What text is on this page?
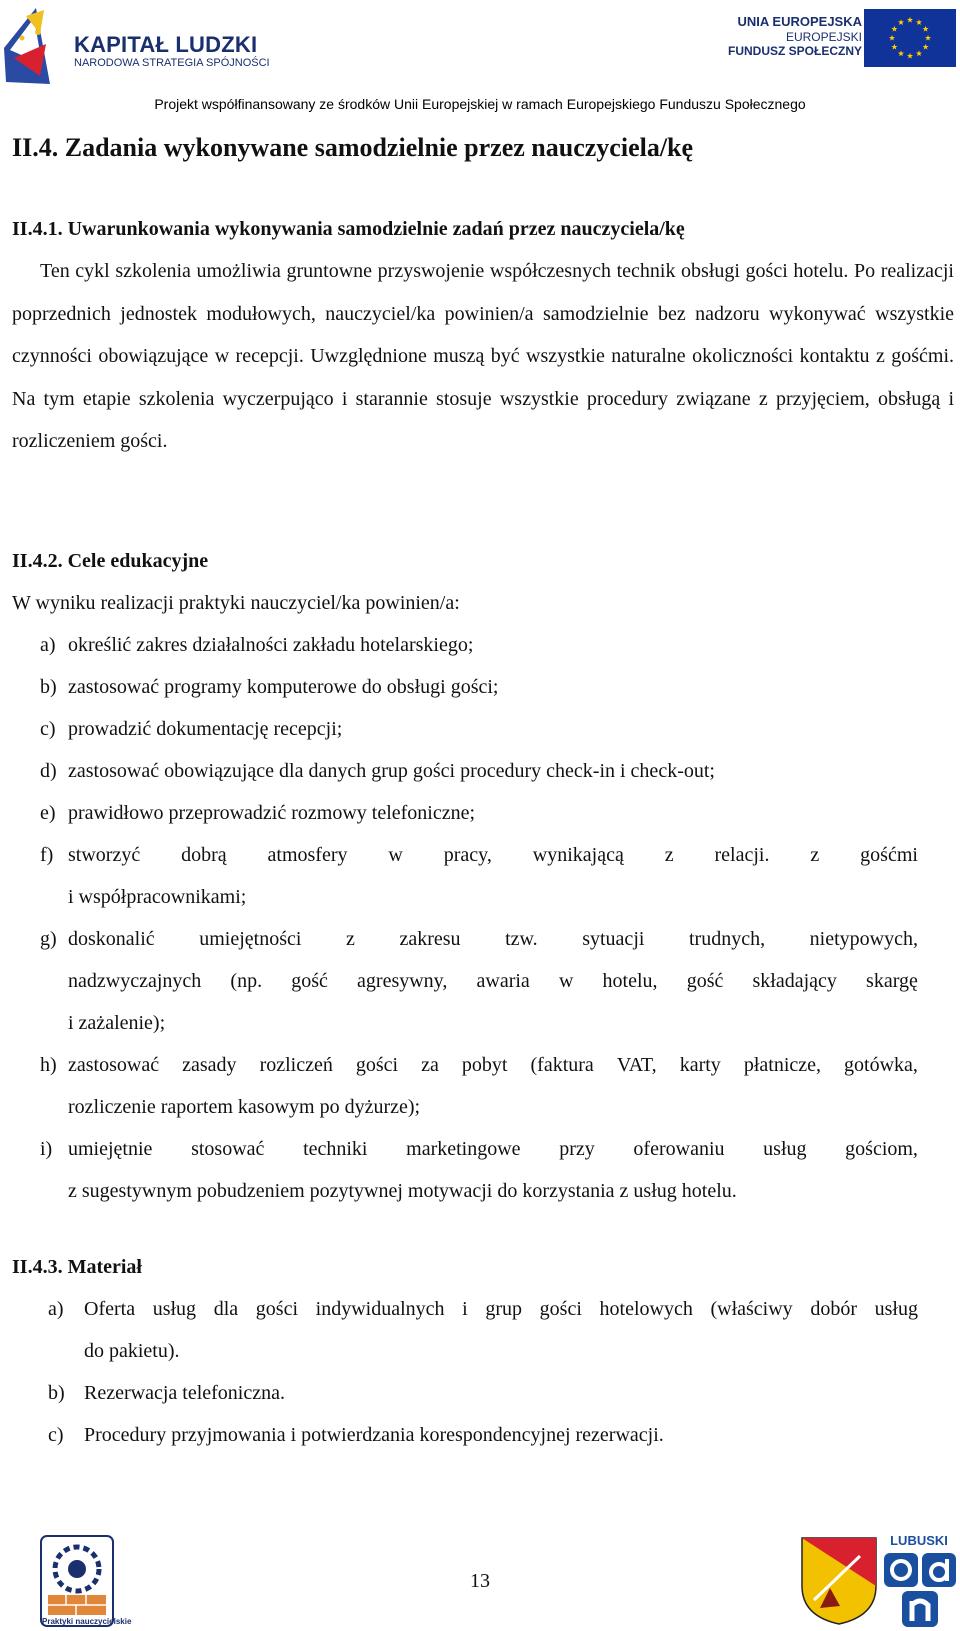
KAPITAŁ LUDZKI
NARODOWA STRATEGIA SPÓJNOŚCI
UNIA EUROPEJSKA
EUROPEJSKI
FUNDUSZ SPOŁECZNY
Projekt współfinansowany ze środków Unii Europejskiej w ramach Europejskiego Funduszu Społecznego
II.4. Zadania wykonywane samodzielnie przez nauczyciela/kę
II.4.1. Uwarunkowania wykonywania samodzielnie zadań przez nauczyciela/kę
Ten cykl szkolenia umożliwia gruntowne przyswojenie współczesnych technik obsługi gości hotelu. Po realizacji poprzednich jednostek modułowych, nauczyciel/ka powinien/a samodzielnie bez nadzoru wykonywać wszystkie czynności obowiązujące w recepcji. Uwzględnione muszą być wszystkie naturalne okoliczności kontaktu z gośćmi. Na tym etapie szkolenia wyczerpująco i starannie stosuje wszystkie procedury związane z przyjęciem, obsługą i rozliczeniem gości.
II.4.2. Cele edukacyjne
W wyniku realizacji praktyki nauczyciel/ka powinien/a:
a) określić zakres działalności zakładu hotelarskiego;
b) zastosować programy komputerowe do obsługi gości;
c) prowadzić dokumentację recepcji;
d) zastosować obowiązujące dla danych grup gości procedury check-in i check-out;
e) prawidłowo przeprowadzić rozmowy telefoniczne;
f) stworzyć dobrą atmosfery w pracy, wynikającą z relacji. z gośćmi
i współpracownikami;
g) doskonalić umiejętności z zakresu tzw. sytuacji trudnych, nietypowych,
nadzwyczajnych (np. gość agresywny, awaria w hotelu, gość składający skargę
i zażalenie);
h) zastosować zasady rozliczeń gości za pobyt (faktura VAT, karty płatnicze, gotówka,
rozliczenie raportem kasowym po dyżurze);
i) umiejętnie stosować techniki marketingowe przy oferowaniu usług gościom,
z sugestywnym pobudzeniem pozytywnej motywacji do korzystania z usług hotelu.
II.4.3. Materiał
a) Oferta usług dla gości indywidualnych i grup gości hotelowych (właściwy dobór usług
do pakietu).
b) Rezerwacja telefoniczna.
c) Procedury przyjmowania i potwierdzania korespondencyjnej rezerwacji.
Praktyki nauczycielskie
13
LUBUSKI
